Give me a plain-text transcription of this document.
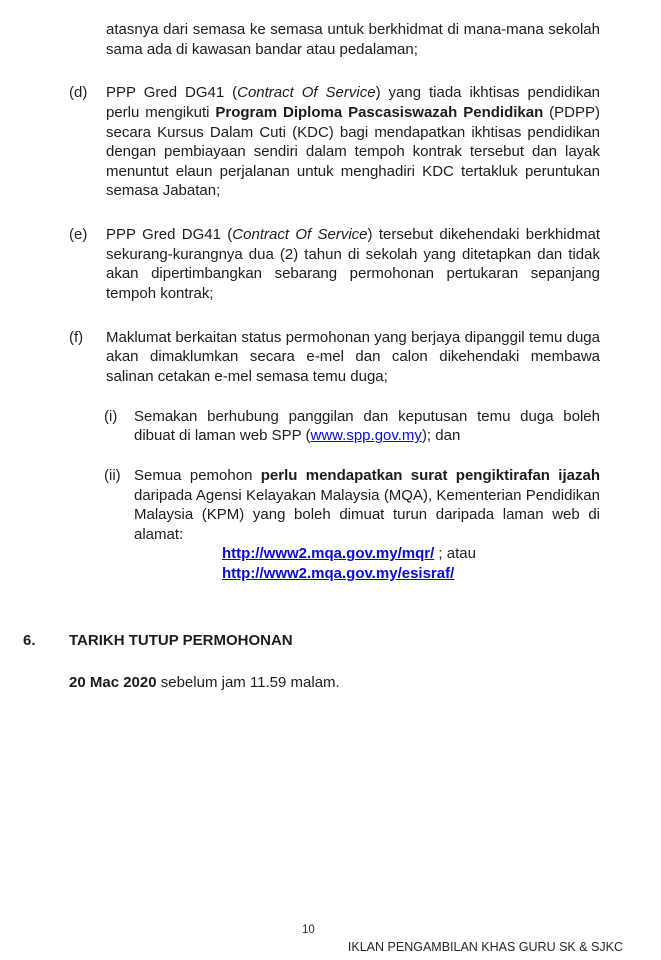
atasnya dari semasa ke semasa untuk berkhidmat di mana-mana sekolah sama ada di kawasan bandar atau pedalaman;

(d)	PPP Gred DG41 (Contract Of Service) yang tiada ikhtisas pendidikan perlu mengikuti Program Diploma Pascasiswazah Pendidikan (PDPP) secara Kursus Dalam Cuti (KDC) bagi mendapatkan ikhtisas pendidikan dengan pembiayaan sendiri dalam tempoh kontrak tersebut dan layak menuntut elaun perjalanan untuk menghadiri KDC tertakluk peruntukan semasa Jabatan;
(e)	PPP Gred DG41 (Contract Of Service) tersebut dikehendaki berkhidmat sekurang-kurangnya dua (2) tahun di sekolah yang ditetapkan dan tidak akan dipertimbangkan sebarang permohonan pertukaran sepanjang tempoh kontrak;
(f)	Maklumat berkaitan status permohonan yang berjaya dipanggil temu duga akan dimaklumkan secara e-mel dan calon dikehendaki membawa salinan cetakan e-mel semasa temu duga;
(i)	Semakan berhubung panggilan dan keputusan temu duga boleh dibuat di laman web SPP (www.spp.gov.my); dan
(ii) Semua pemohon perlu mendapatkan surat pengiktirafan ijazah daripada Agensi Kelayakan Malaysia (MQA), Kementerian Pendidikan Malaysia (KPM) yang boleh dimuat turun daripada laman web di alamat:
http://www2.mqa.gov.my/mqr/ ; atau
http://www2.mqa.gov.my/esisraf/
6.	TARIKH TUTUP PERMOHONAN

20 Mac 2020 sebelum jam 11.59 malam.

10
IKLAN PENGAMBILAN KHAS GURU SK & SJKC
